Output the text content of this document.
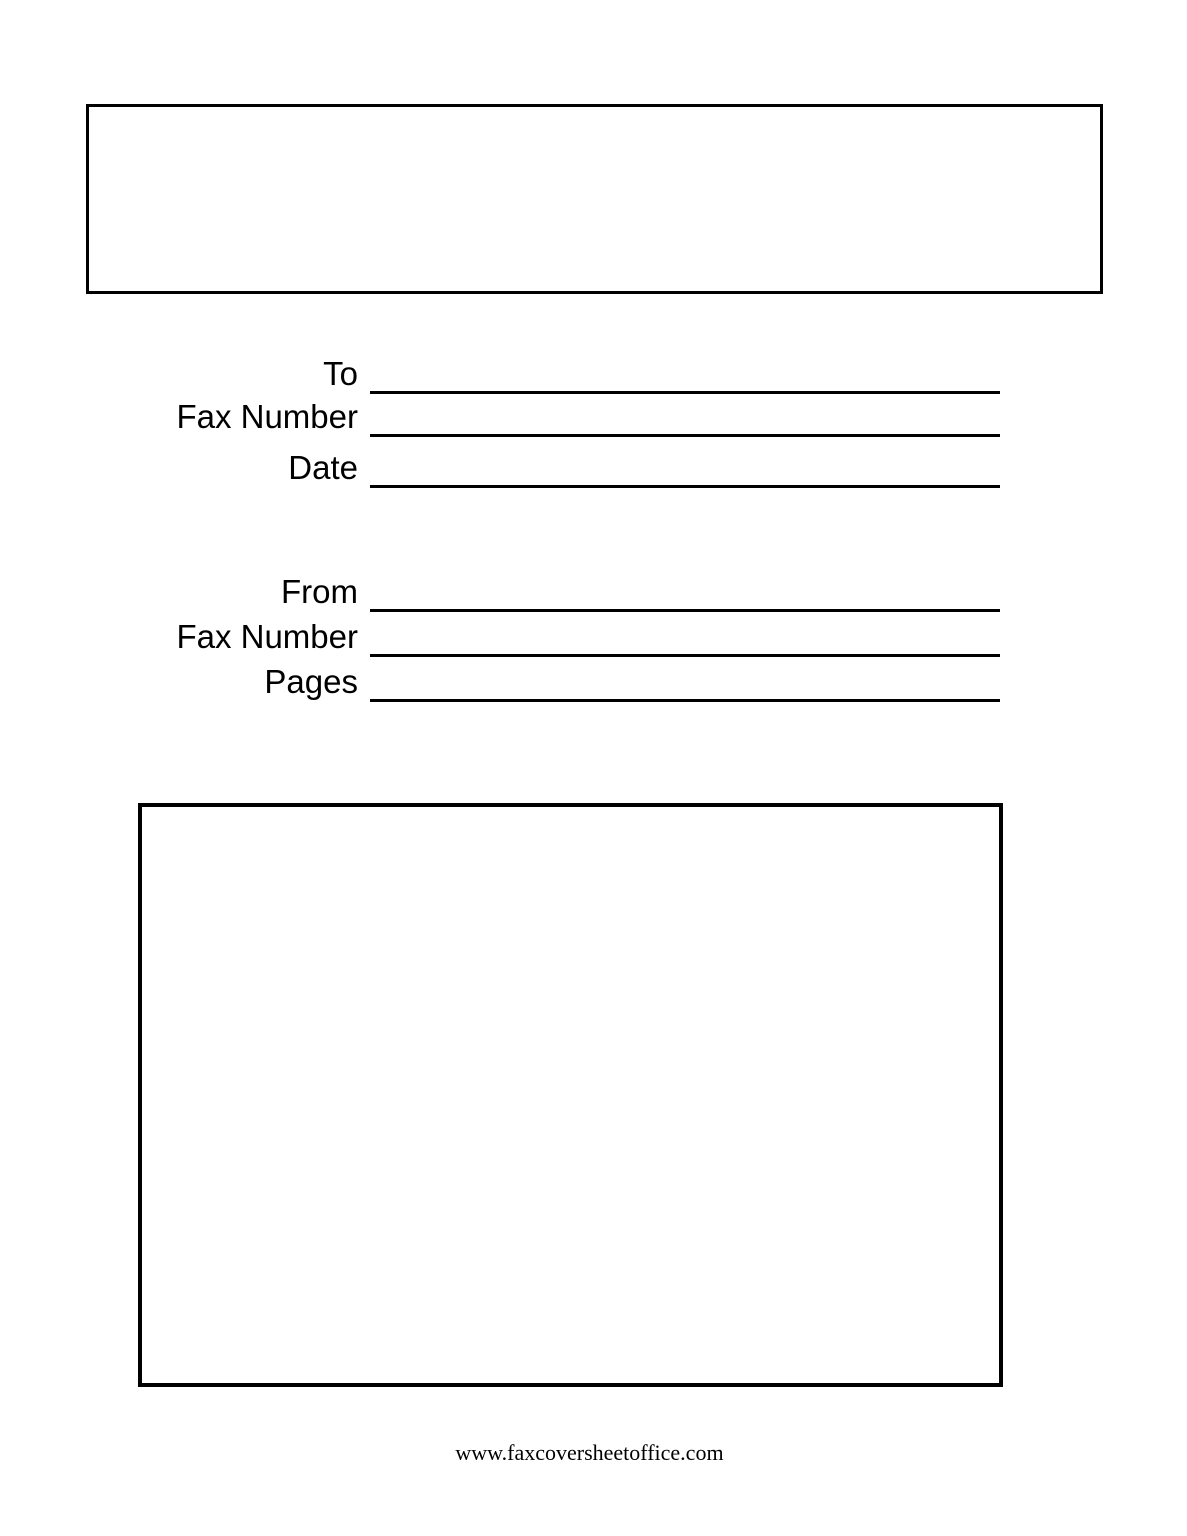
To
Fax Number
Date
From
Fax Number
Pages
www.faxcoversheetoffice.com
